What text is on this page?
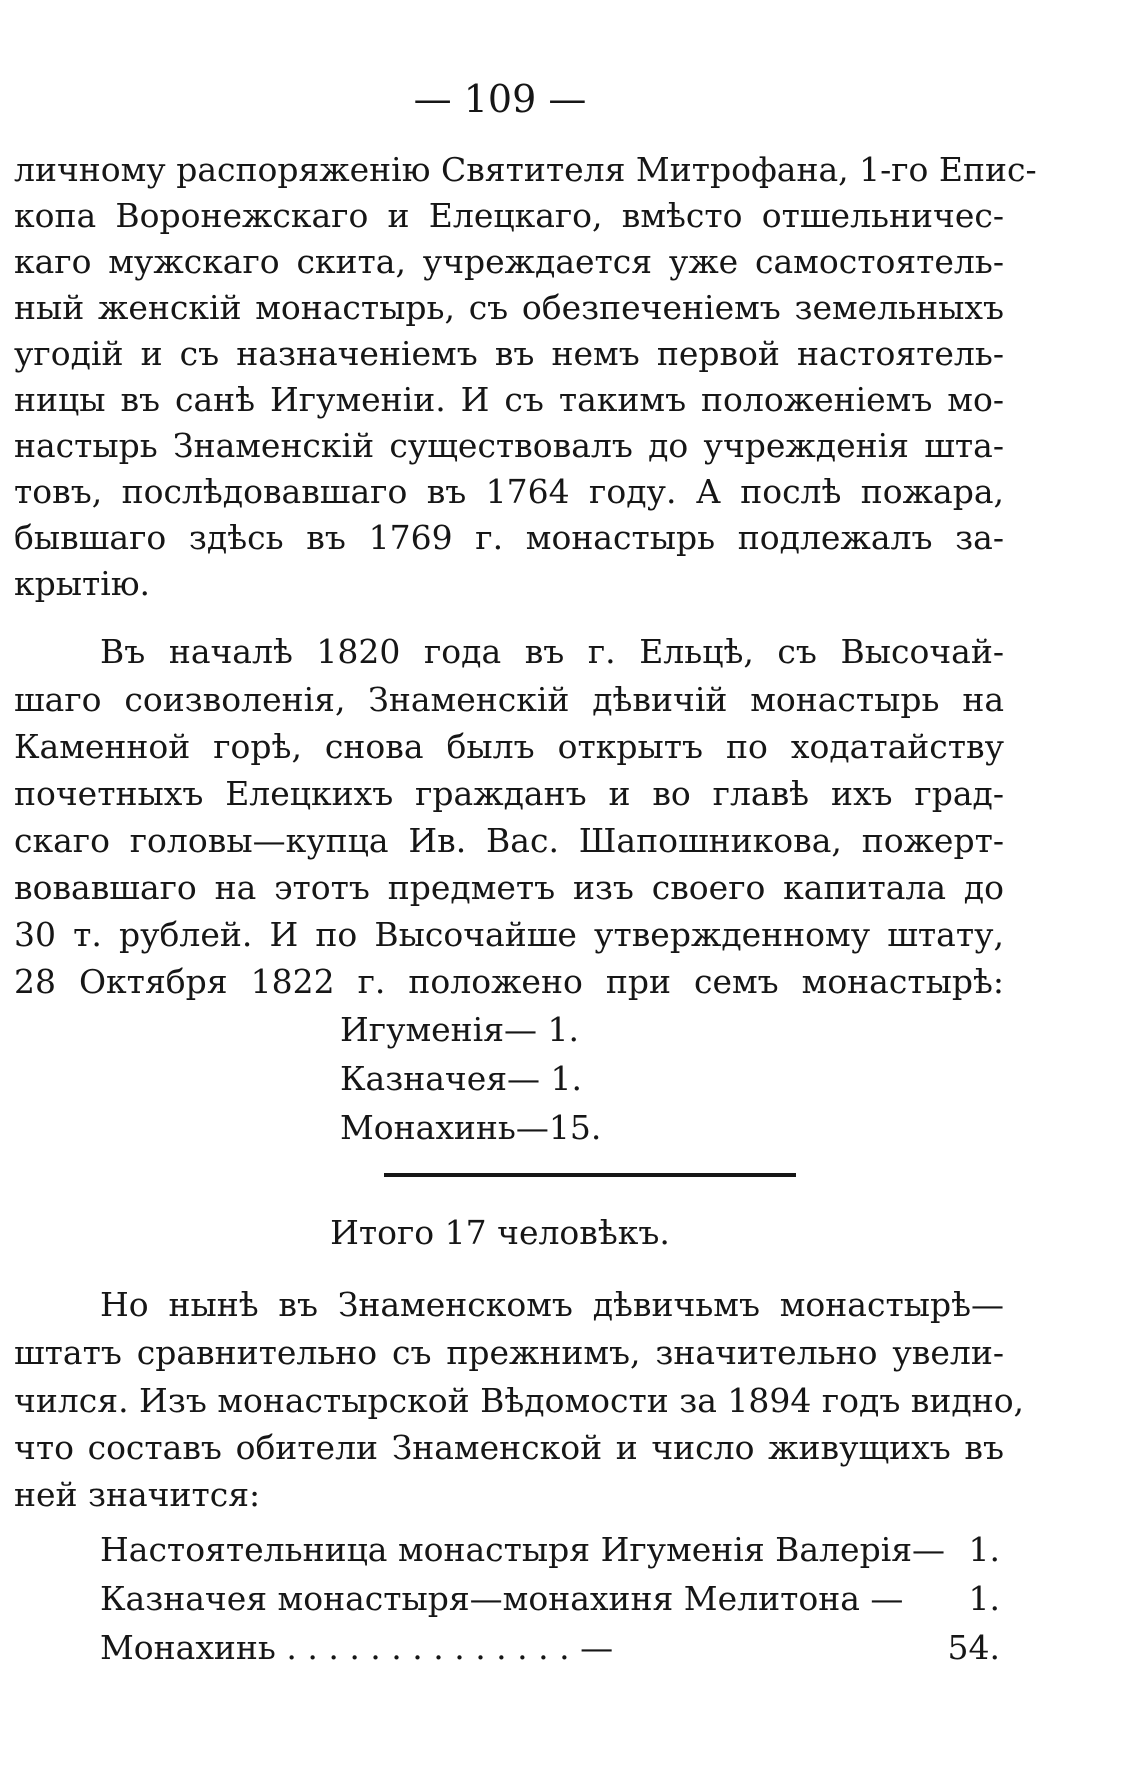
— 109 —
личному распоряженію Святителя Митрофана, 1-го Епис-
копа Воронежскаго и Елецкаго, вмѣсто отшельничес-
каго мужскаго скита, учреждается уже самостоятель-
ный женскій монастырь, съ обезпеченіемъ земельныхъ
угодій и съ назначеніемъ въ немъ первой настоятель-
ницы въ санѣ Игуменіи. И съ такимъ положеніемъ мо-
настырь Знаменскій существовалъ до учрежденія шта-
товъ, послѣдовавшаго въ 1764 году. А послѣ пожара,
бывшаго здѣсь въ 1769 г. монастырь подлежалъ за-
крытію.
Въ началѣ 1820 года въ г. Ельцѣ, съ Высочай-
шаго соизволенія, Знаменскій дѣвичій монастырь на
Каменной горѣ, снова былъ открытъ по ходатайству
почетныхъ Елецкихъ гражданъ и во главѣ ихъ град-
скаго головы—купца Ив. Вас. Шапошникова, пожерт-
вовавшаго на этотъ предметъ изъ своего капитала до
30 т. рублей. И по Высочайше утвержденному штату,
28 Октября 1822 г. положено при семъ монастырѣ:
Игуменія— 1.
Казначея— 1.
Монахинь—15.
Итого 17 человѣкъ.
Но нынѣ въ Знаменскомъ дѣвичьмъ монастырѣ—
штатъ сравнительно съ прежнимъ, значительно увели-
чился. Изъ монастырской Вѣдомости за 1894 годъ видно,
что составъ обители Знаменской и число живущихъ въ
ней значится:
Настоятельница монастыря Игуменія Валерія— 1.
Казначея монастыря—монахиня Мелитона — 1.
Монахинь . . . . . . . . . . . . . . —	54.
